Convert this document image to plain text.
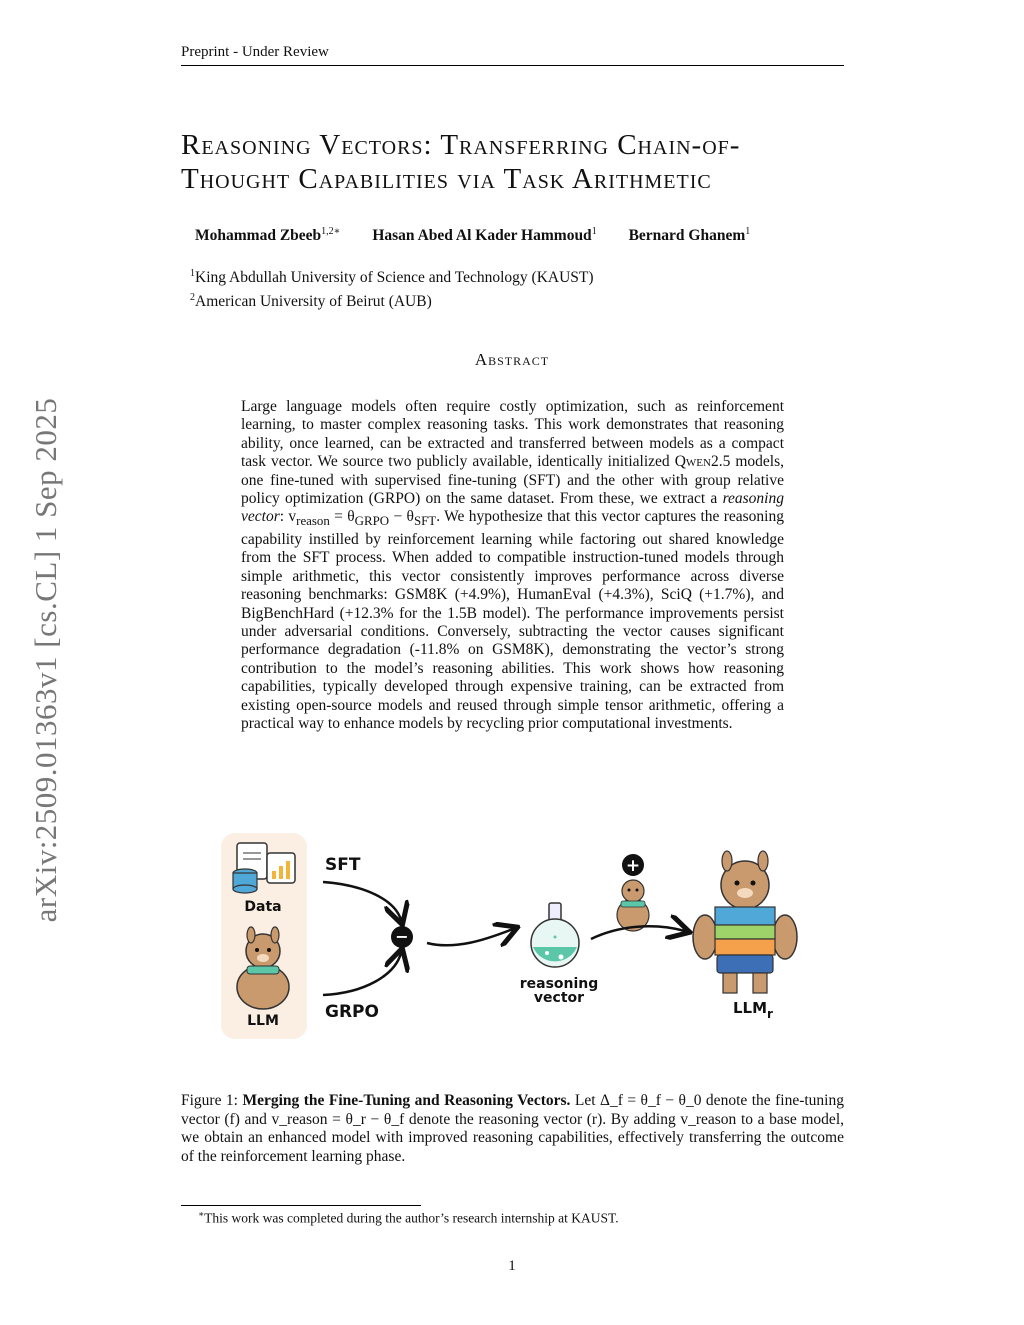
Preprint - Under Review
arXiv:2509.01363v1 [cs.CL] 1 Sep 2025
Reasoning Vectors: Transferring Chain-of-
Thought Capabilities via Task Arithmetic
Mohammad Zbeeb$^{1,2∗}$ Hasan Abed Al Kader Hammoud$^1$ Bernard Ghanem$^1$
$^1$King Abdullah University of Science and Technology (KAUST)
$^2$American University of Beirut (AUB)
Abstract

Large language models often require costly optimization, such as reinforcement learning, to master complex reasoning tasks. This work demonstrates that reasoning ability, once learned, can be extracted and transferred between models as a compact task vector. We source two publicly available, identically initialized Qwen2.5 models, one fine-tuned with supervised fine-tuning (SFT) and the other with group relative policy optimization (GRPO) on the same dataset. From these, we extract a reasoning vector: $v_{reason} = \theta_{GRPO} - \theta_{SFT}$. We hypothesize that this vector captures the reasoning capability instilled by reinforcement learning while factoring out shared knowledge from the SFT process. When added to compatible instruction-tuned models through simple arithmetic, this vector consistently improves performance across diverse reasoning benchmarks: GSM8K (+4.9%), HumanEval (+4.3%), SciQ (+1.7%), and BigBenchHard (+12.3% for the 1.5B model). The performance improvements persist under adversarial conditions. Conversely, subtracting the vector causes significant performance degradation (-11.8% on GSM8K), demonstrating the vector’s strong contribution to the model’s reasoning abilities. This work shows how reasoning capabilities, typically developed through expensive training, can be extracted from existing open-source models and reused through simple tensor arithmetic, offering a practical way to enhance models by recycling prior computational investments.

Data
LLM
SFT
GRPO
−
reasoning
vector
+
$LLM_r$

Figure 1: Merging the Fine-Tuning and Reasoning Vectors. Let Δ_f = θ_f − θ_0 denote the fine-tuning vector (f) and v_reason = θ_r − θ_f denote the reasoning vector (r). By adding v_reason to a base model, we obtain an enhanced model with improved reasoning capabilities, effectively transferring the outcome of the reinforcement learning phase.

∗This work was completed during the author’s research internship at KAUST.
1
